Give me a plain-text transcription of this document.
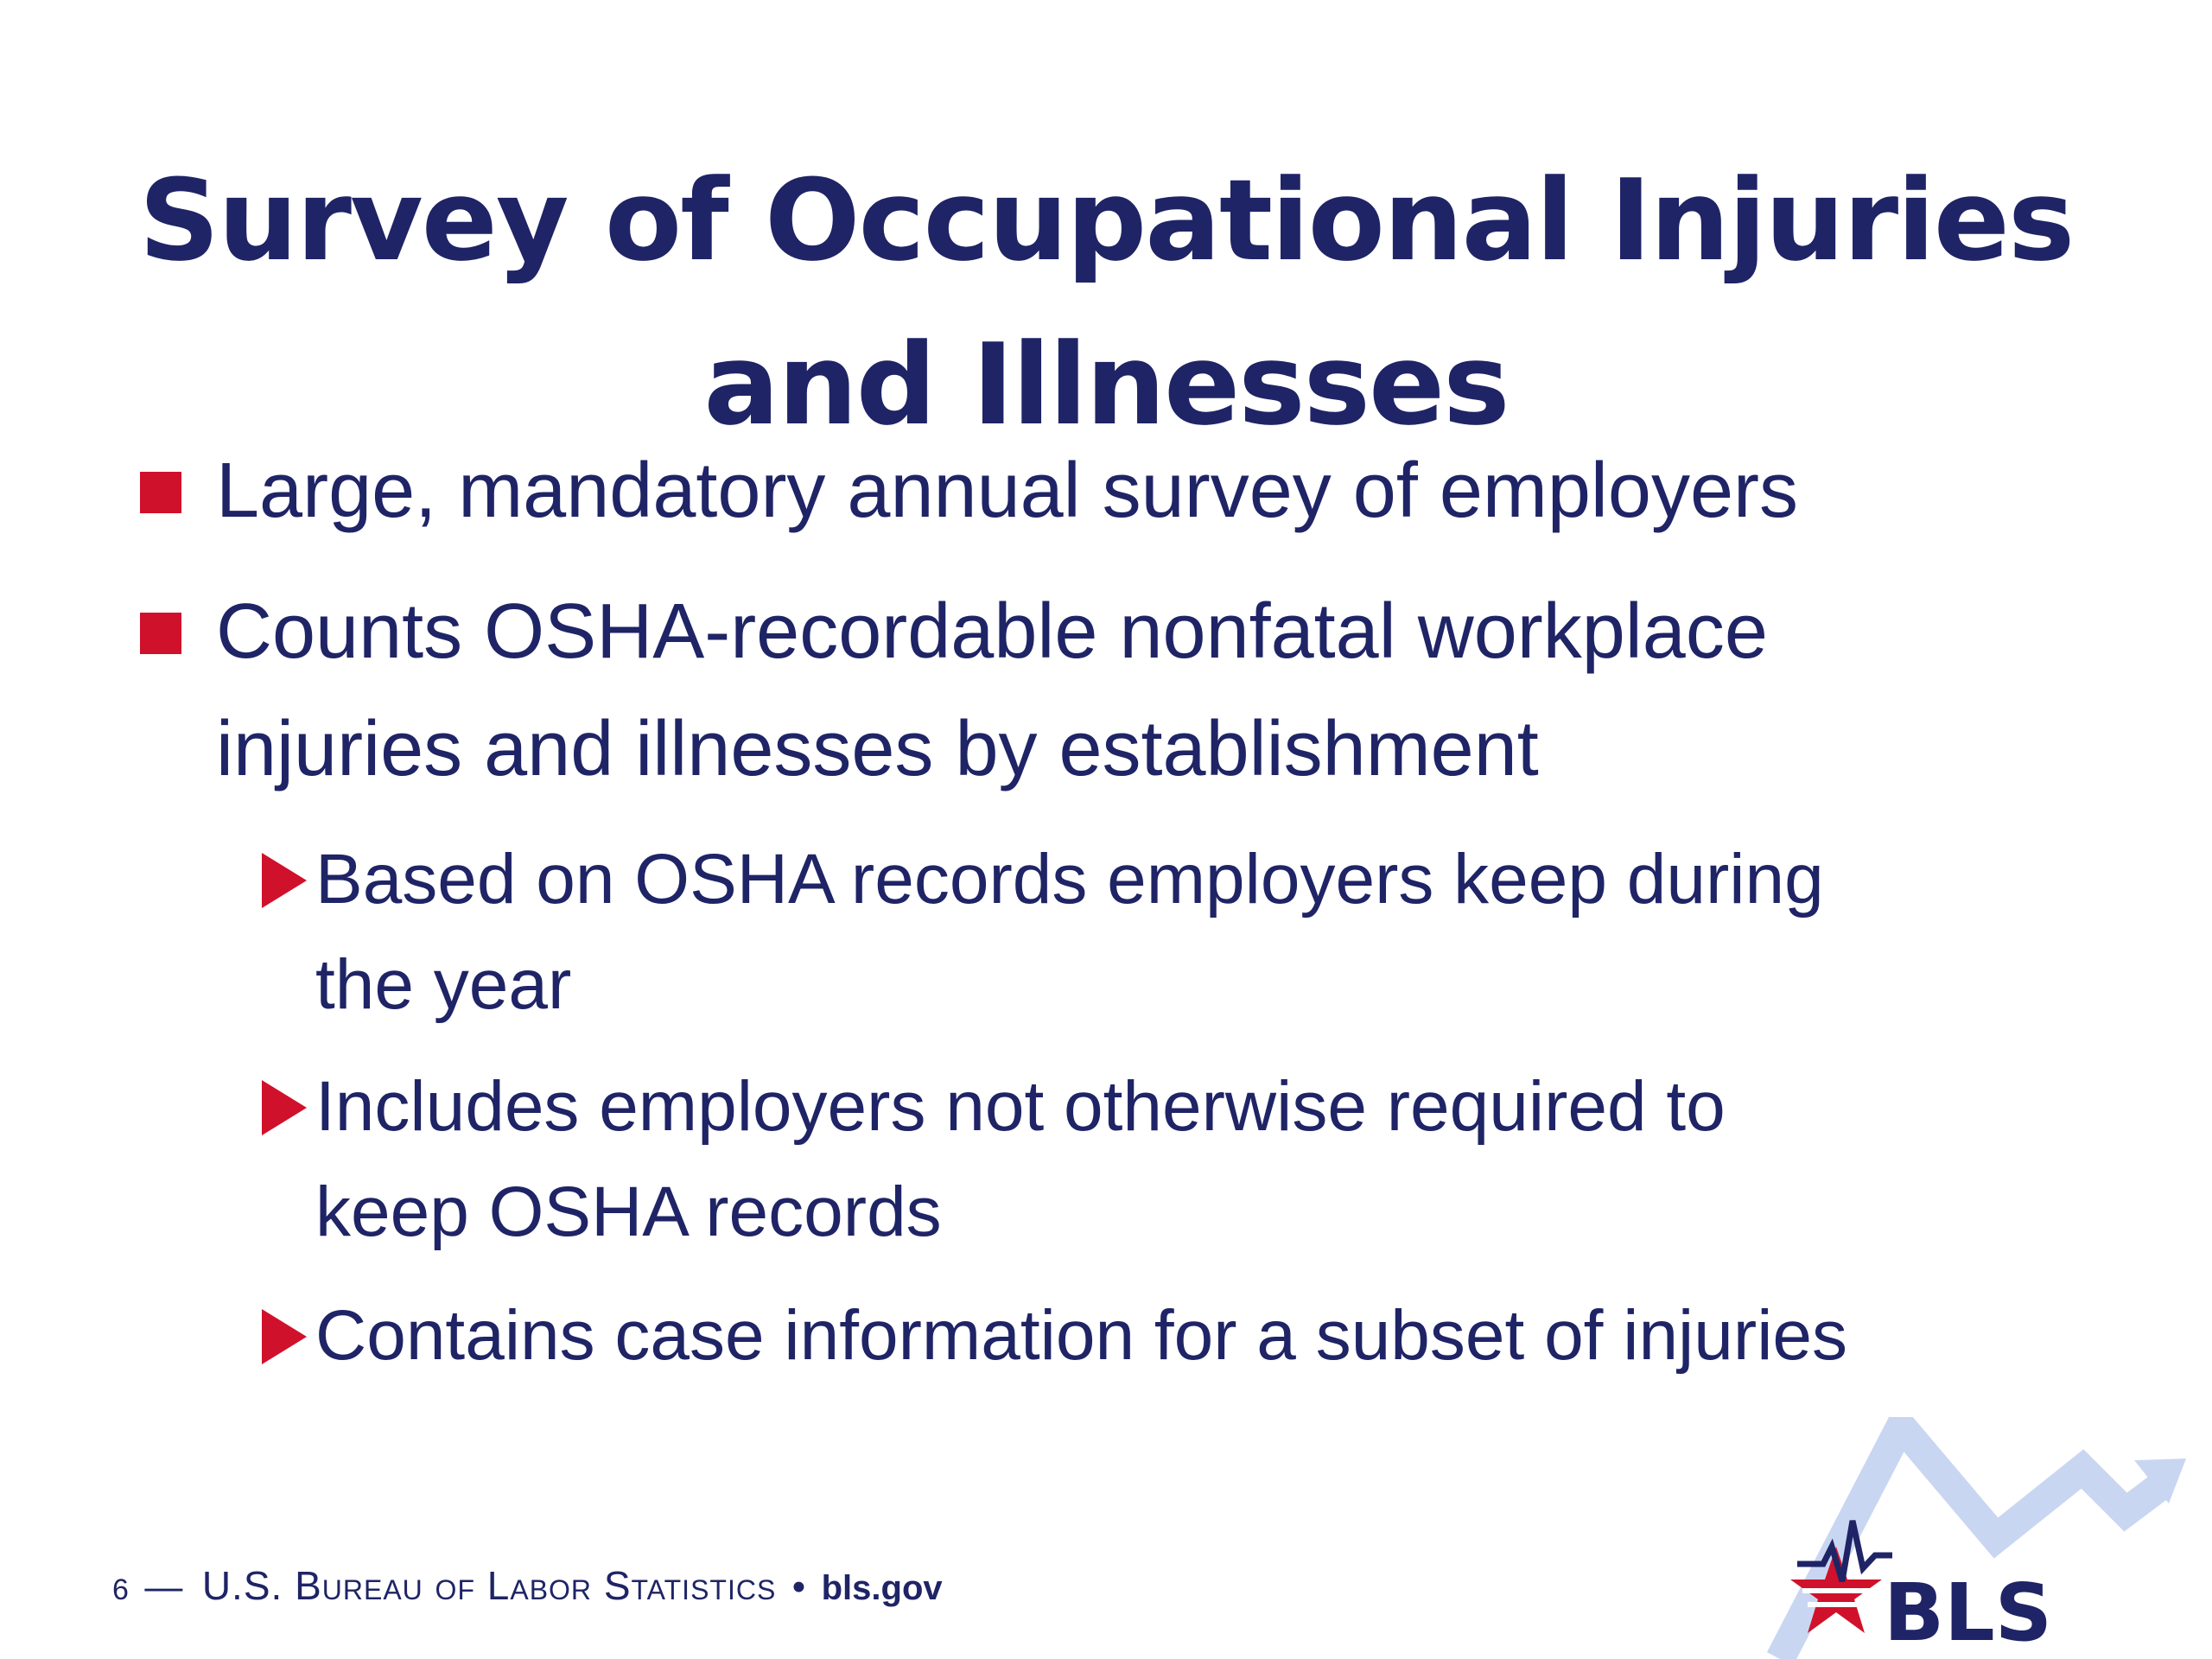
Survey of Occupational Injuries
and Illnesses
Large, mandatory annual survey of employers
Counts OSHA-recordable nonfatal workplace
injuries and illnesses by establishment
Based on OSHA records employers keep during
the year
Includes employers not otherwise required to
keep OSHA records
Contains case information for a subset of injuries
6 — U.S. Bureau of Labor Statistics • bls.gov	BLS
